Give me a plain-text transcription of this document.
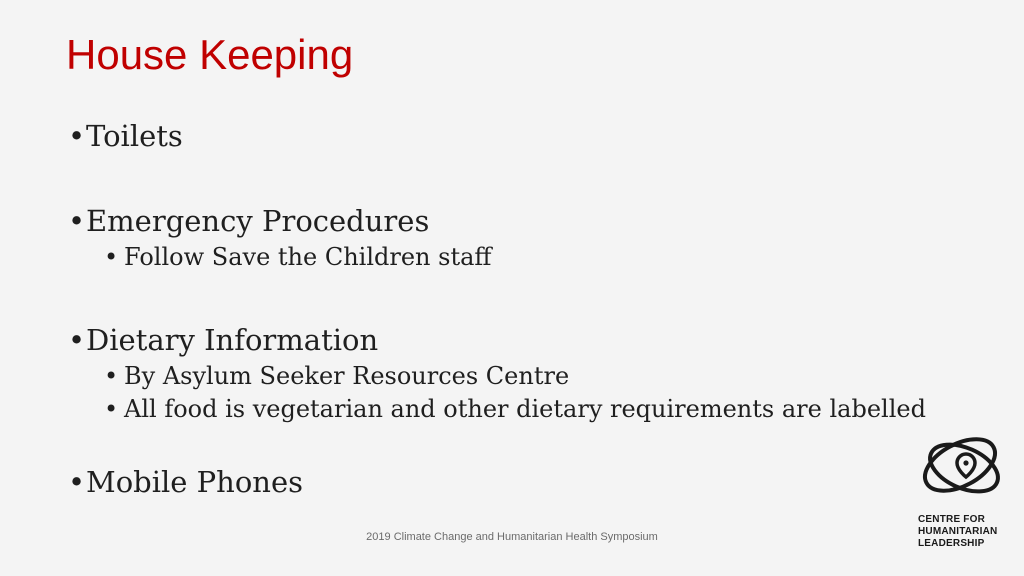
House Keeping
•Toilets
•Emergency Procedures
• Follow Save the Children staff
•Dietary Information
• By Asylum Seeker Resources Centre
• All food is vegetarian and other dietary requirements are labelled
•Mobile Phones
2019 Climate Change and Humanitarian Health Symposium
CENTRE FOR
HUMANITARIAN
LEADERSHIP
